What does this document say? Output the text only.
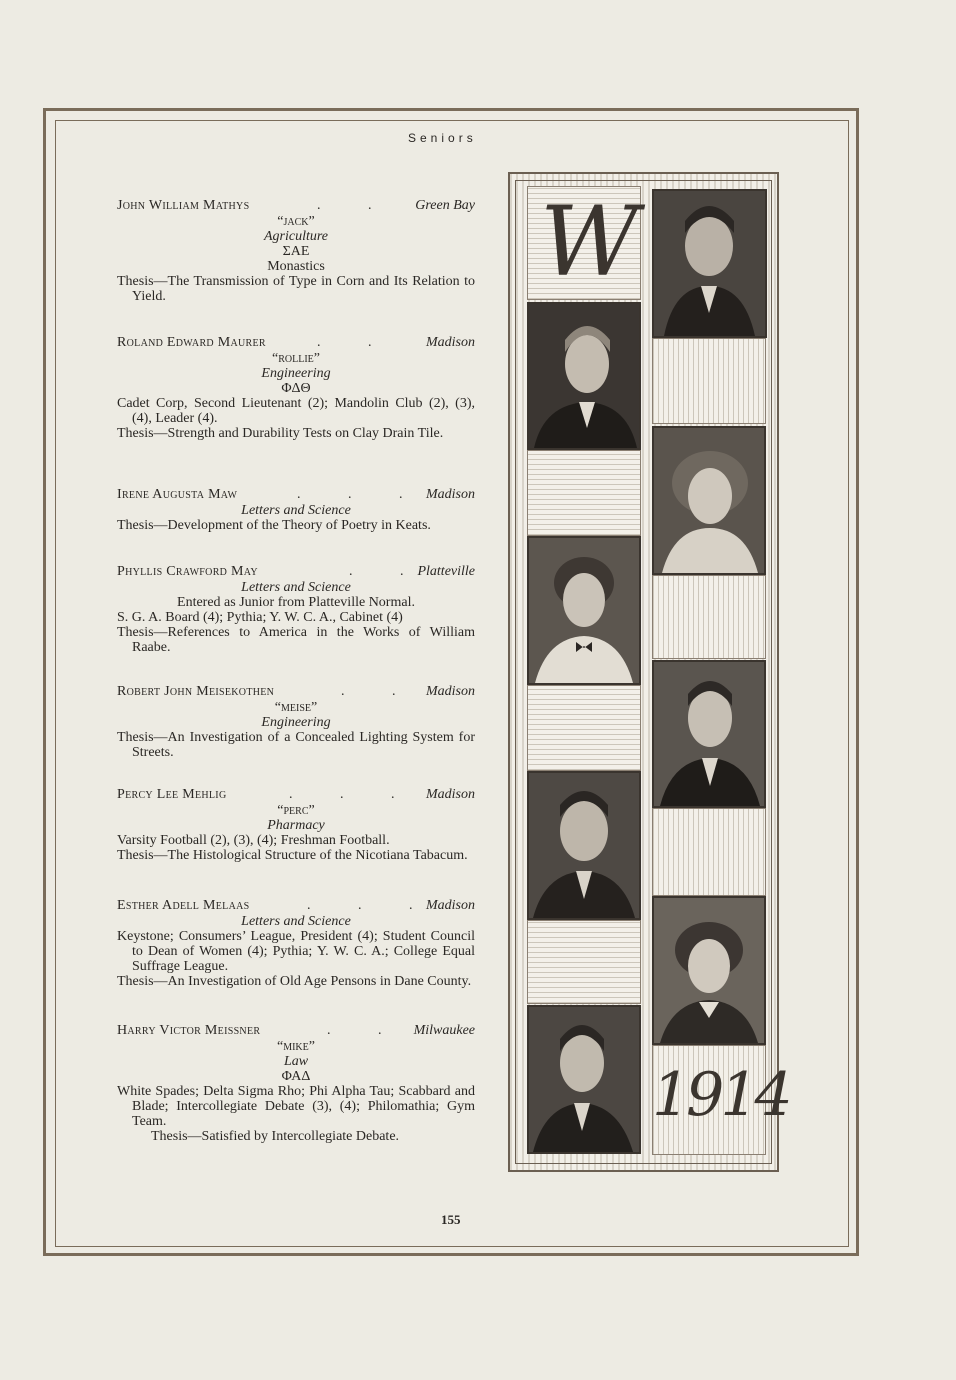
Seniors
John William Mathys	. . Green Bay
“jack”
Agriculture
ΣΑΕ
Monastics
Thesis—The Transmission of Type in Corn and Its Relation to Yield.
Roland Edward Maurer	. . Madison
“rollie”
Engineering
ΦΔΘ
Cadet Corp, Second Lieutenant (2); Mandolin Club (2), (3), (4), Leader (4).
Thesis—Strength and Durability Tests on Clay Drain Tile.
Irene Augusta Maw	. . . Madison
Letters and Science
Thesis—Development of the Theory of Poetry in Keats.
Phyllis Crawford May	. .
Platteville
Letters and Science
Entered as Junior from Platteville Normal.
S. G. A. Board (4); Pythia; Y. W. C. A., Cabinet (4)
Thesis—References to America in the Works of William Raabe.
Robert John Meisekothen	. . Madison
“meise”
Engineering
Thesis—An Investigation of a Concealed Lighting System for Streets.
Percy Lee Mehlig	. . . Madison
“perc”
Pharmacy
Varsity Football (2), (3), (4); Freshman Football.
Thesis—The Histological Structure of the Nicotiana Tabacum.
Esther Adell Melaas	. . .
Madison
Letters and Science
Keystone; Consumers’ League, President (4); Student Council to Dean of Women (4); Pythia; Y. W. C. A.; College Equal Suffrage League.
Thesis—An Investigation of Old Age Pensons in Dane County.
Harry Victor Meissner	. . Milwaukee
“mike”
Law
ΦΑΔ
White Spades; Delta Sigma Rho; Phi Alpha Tau; Scabbard and Blade; Intercollegiate Debate (3), (4); Philomathia; Gym Team.
Thesis—Satisfied by Intercollegiate Debate.
W
1914
155
